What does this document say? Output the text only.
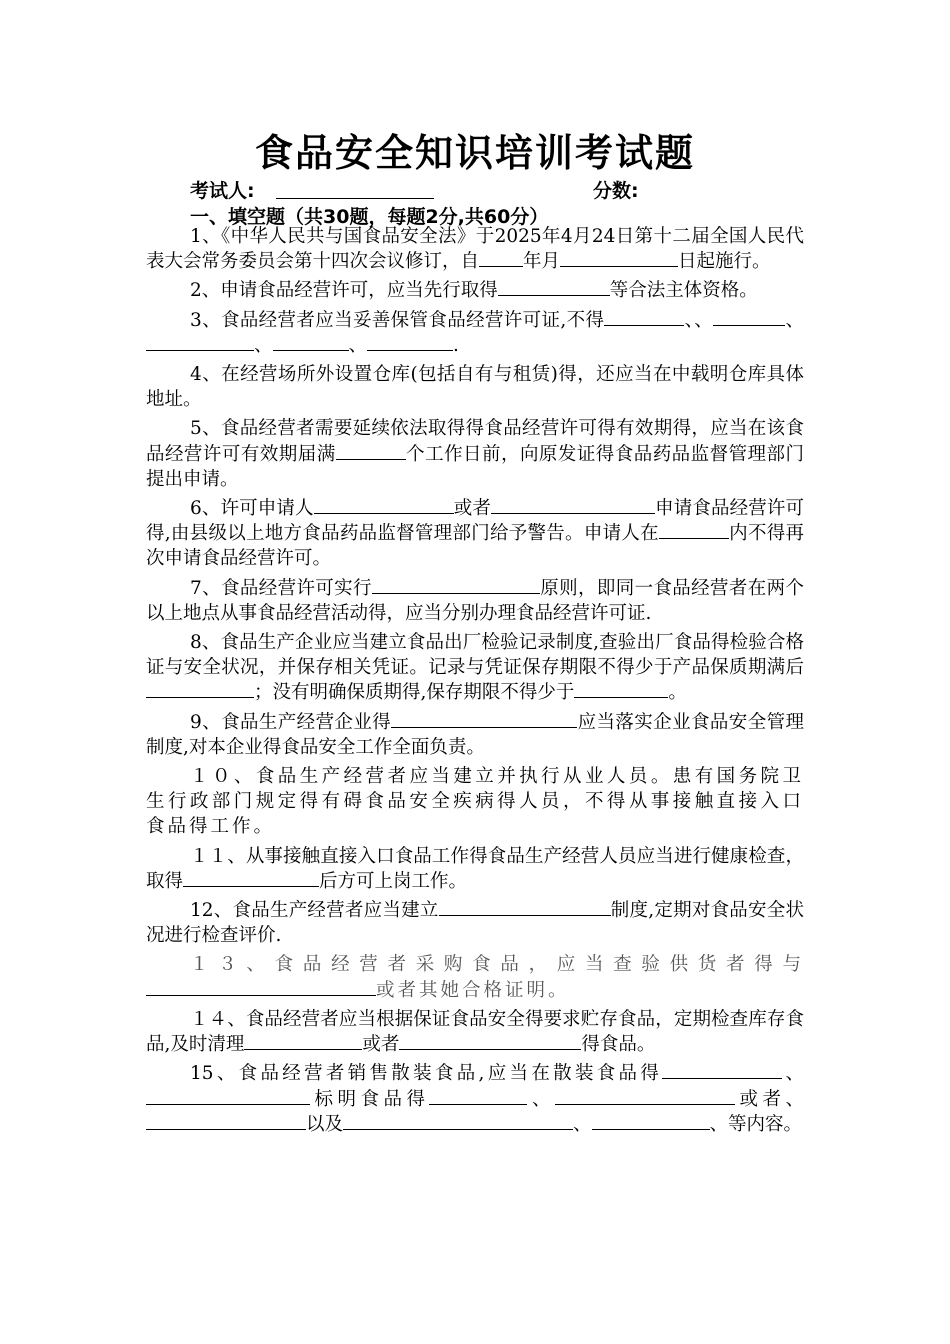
食品安全知识培训考试题
考试人:	分数:
一、填空题（共30题，每题2分,共60分）

1、《中华人民共与国食品安全法》于2025年4月24日第十二届全国人民代表大会常务委员会第十四次会议修订，自 年月	日起施行。

2、申请食品经营许可，应当先行取得	等合法主体资格。

3、食品经营者应当妥善保管食品经营许可证,不得	、、	、、	、	.

4、在经营场所外设置仓库(包括自有与租赁)得，还应当在中载明仓库具体地址。

5、食品经营者需要延续依法取得得食品经营许可得有效期得，应当在该食品经营许可有效期届满	个工作日前，向原发证得食品药品监督管理部门提出申请。

6、许可申请人	或者	申请食品经营许可得,由县级以上地方食品药品监督管理部门给予警告。申请人在	内不得再次申请食品经营许可。

7、食品经营许可实行	原则，即同一食品经营者在两个以上地点从事食品经营活动得，应当分别办理食品经营许可证.

8、食品生产企业应当建立食品出厂检验记录制度,查验出厂食品得检验合格证与安全状况，并保存相关凭证。记录与凭证保存期限不得少于产品保质期满后；没有明确保质期得,保存期限不得少于	。

9、食品生产经营企业得	应当落实企业食品安全管理制度,对本企业得食品安全工作全面负责。

１０、食品生产经营者应当建立并执行从业人员。患有国务院卫生行政部门规定得有碍食品安全疾病得人员，不得从事接触直接入口食品得工作。

１１、从事接触直接入口食品工作得食品生产经营人员应当进行健康检查，取得	后方可上岗工作。

12、食品生产经营者应当建立	制度,定期对食品安全状况进行检查评价.

１３、食品经营者采购食品，应当查验供货者得与或者其她合格证明。

１４、食品经营者应当根据保证食品安全得要求贮存食品，定期检查库存食品,及时清理	或者	得食品。

15、食品经营者销售散装食品,应当在散装食品得	、标明食品得	、	或者、以及	、	、等内容。
